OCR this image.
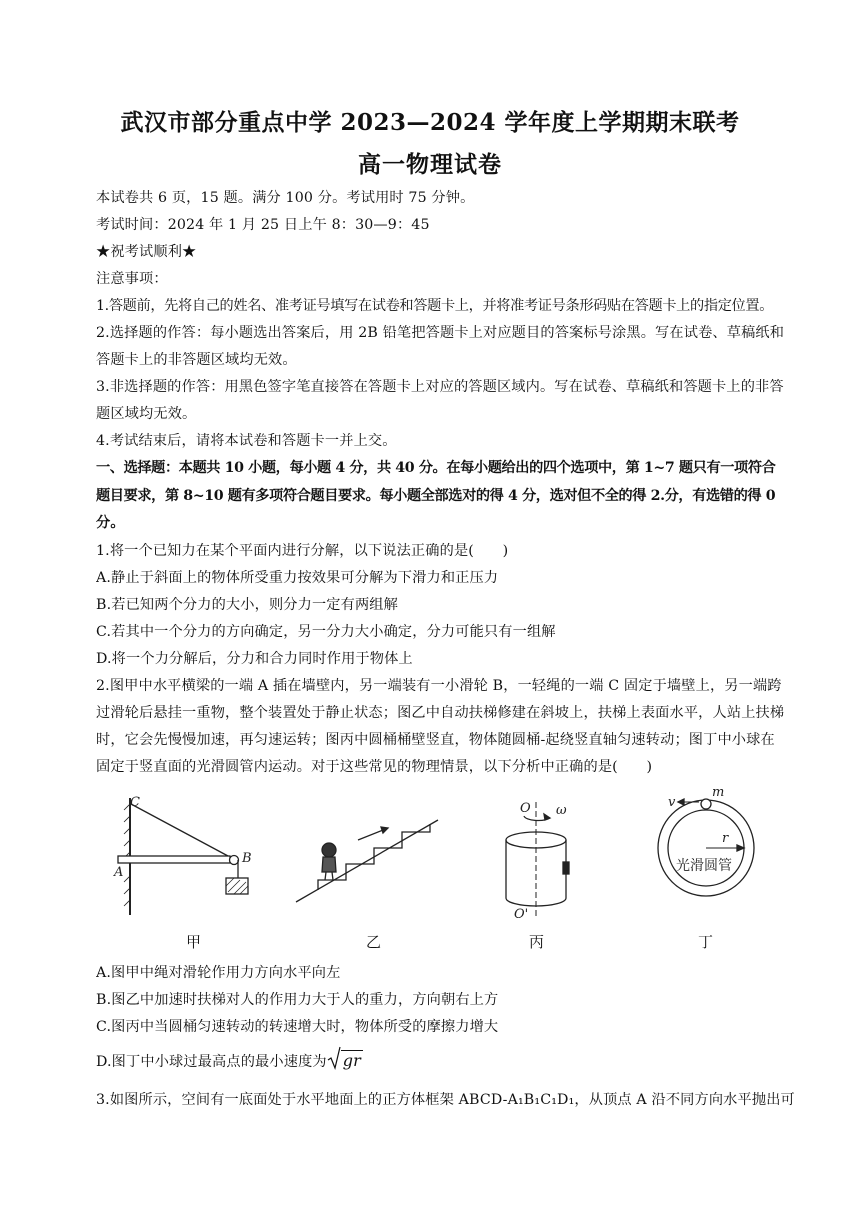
武汉市部分重点中学 2023—2024 学年度上学期期末联考
高一物理试卷
本试卷共 6 页，15 题。满分 100 分。考试用时 75 分钟。
考试时间：2024 年 1 月 25 日上午 8：30—9：45
★祝考试顺利★
注意事项：
1.答题前，先将自己的姓名、准考证号填写在试卷和答题卡上，并将准考证号条形码贴在答题卡上的指定位置。
2.选择题的作答：每小题选出答案后，用 2B 铅笔把答题卡上对应题目的答案标号涂黑。写在试卷、草稿纸和
答题卡上的非答题区域均无效。
3.非选择题的作答：用黑色签字笔直接答在答题卡上对应的答题区域内。写在试卷、草稿纸和答题卡上的非答
题区域均无效。
4.考试结束后，请将本试卷和答题卡一并上交。
一、选择题：本题共 10 小题，每小题 4 分，共 40 分。在每小题给出的四个选项中，第 1~7 题只有一项符合
题目要求，第 8~10 题有多项符合题目要求。每小题全部选对的得 4 分，选对但不全的得 2.分，有选错的得 0
分。
1.将一个已知力在某个平面内进行分解，以下说法正确的是(　　)
A.静止于斜面上的物体所受重力按效果可分解为下滑力和正压力
B.若已知两个分力的大小，则分力一定有两组解
C.若其中一个分力的方向确定，另一分力大小确定，分力可能只有一组解
D.将一个力分解后，分力和合力同时作用于物体上
2.图甲中水平横梁的一端 A 插在墙壁内，另一端装有一小滑轮 B，一轻绳的一端 C 固定于墙壁上，另一端跨
过滑轮后悬挂一重物，整个装置处于静止状态；图乙中自动扶梯修建在斜坡上，扶梯上表面水平，人站上扶梯
时，它会先慢慢加速，再匀速运转；图丙中圆桶桶壁竖直，物体随圆桶-起绕竖直轴匀速转动；图丁中小球在
固定于竖直面的光滑圆管内运动。对于这些常见的物理情景，以下分析中正确的是(　　)
C
A
B
O
O'
ω
v
m
r
光滑圆管
甲	乙	丙	丁
A.图甲中绳对滑轮作用力方向水平向左
B.图乙中加速时扶梯对人的作用力大于人的重力，方向朝右上方
C.图丙中当圆桶匀速转动的转速增大时，物体所受的摩擦力增大
D.图丁中小球过最高点的最小速度为 gr
3.如图所示，空间有一底面处于水平地面上的正方体框架 ABCD-A₁B₁C₁D₁，从顶点 A 沿不同方向水平抛出可
